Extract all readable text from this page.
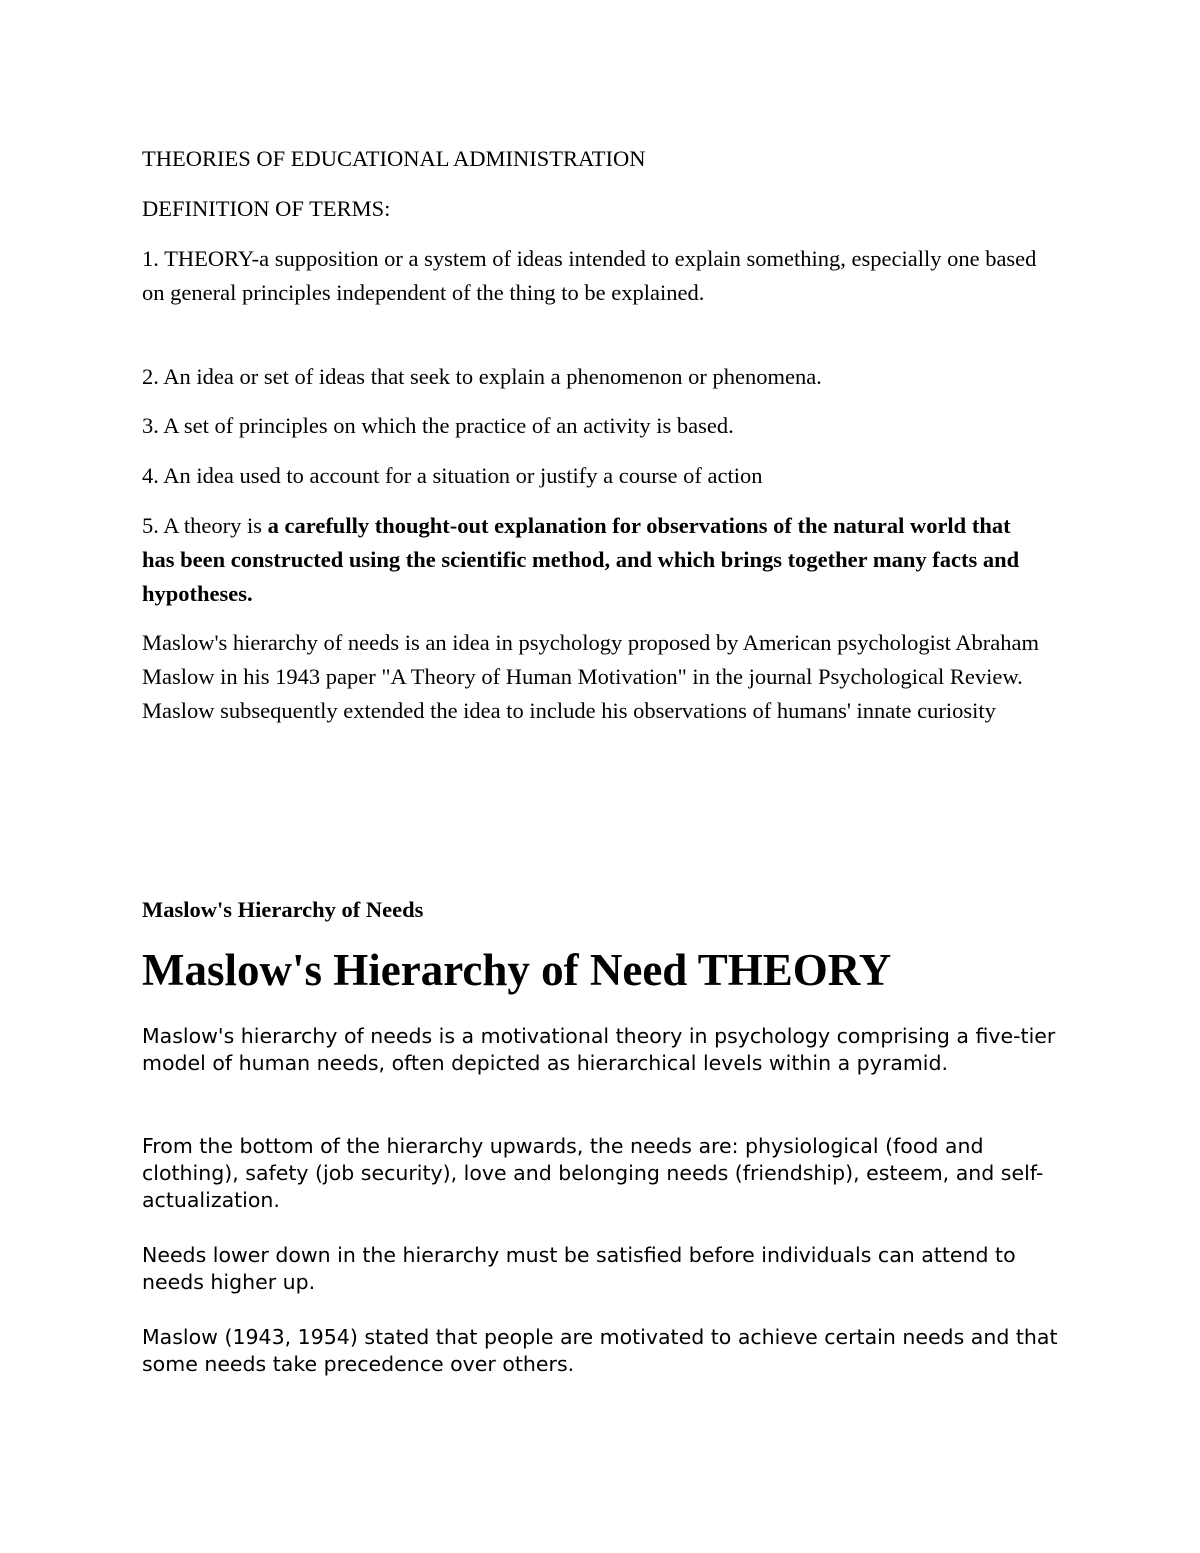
THEORIES OF EDUCATIONAL ADMINISTRATION

DEFINITION OF TERMS:

1. THEORY-a supposition or a system of ideas intended to explain something, especially one based on general principles independent of the thing to be explained.

2. An idea or set of ideas that seek to explain a phenomenon or phenomena.

3. A set of principles on which the practice of an activity is based.

4. An idea used to account for a situation or justify a course of action

5. A theory is a carefully thought-out explanation for observations of the natural world that has been constructed using the scientific method, and which brings together many facts and hypotheses.

Maslow's hierarchy of needs is an idea in psychology proposed by American psychologist Abraham Maslow in his 1943 paper "A Theory of Human Motivation" in the journal Psychological Review. Maslow subsequently extended the idea to include his observations of humans' innate curiosity

Maslow's Hierarchy of Needs

Maslow's Hierarchy of Need THEORY

Maslow's hierarchy of needs is a motivational theory in psychology comprising a five-tier model of human needs, often depicted as hierarchical levels within a pyramid.

From the bottom of the hierarchy upwards, the needs are: physiological (food and clothing), safety (job security), love and belonging needs (friendship), esteem, and self-actualization.

Needs lower down in the hierarchy must be satisfied before individuals can attend to needs higher up.

Maslow (1943, 1954) stated that people are motivated to achieve certain needs and that some needs take precedence over others.
